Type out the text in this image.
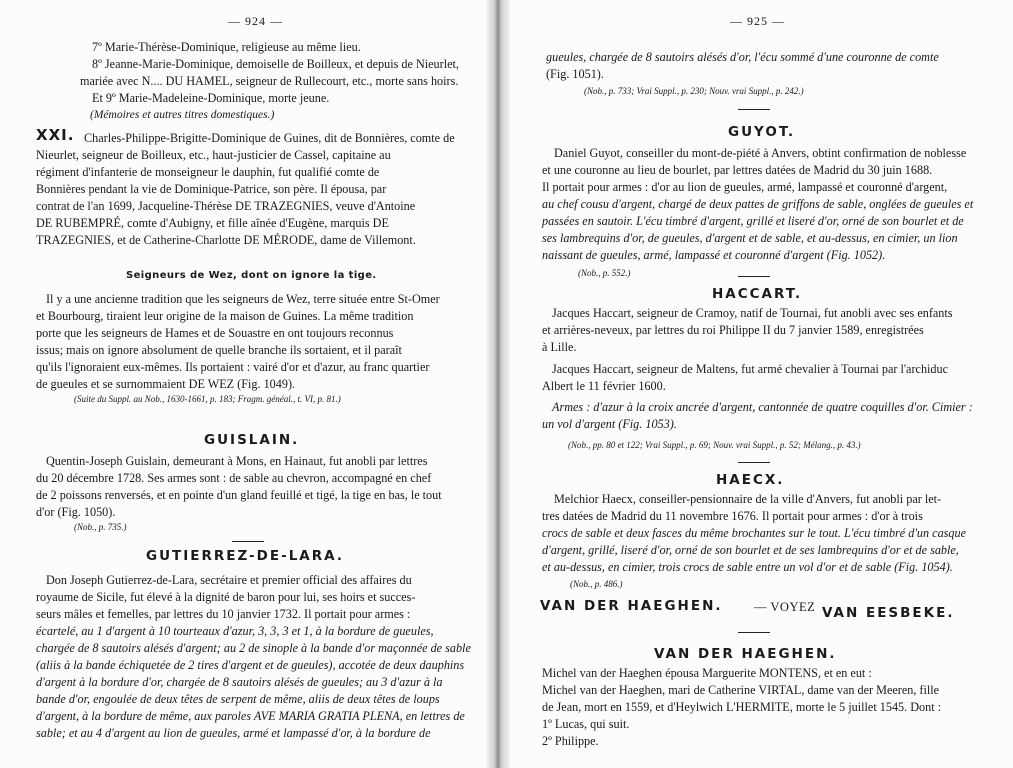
— 924 —
7º Marie-Thérèse-Dominique, religieuse au même lieu.
8º Jeanne-Marie-Dominique, demoiselle de Boilleux, et depuis de Nieurlet,
mariée avec N.... DU HAMEL, seigneur de Rullecourt, etc., morte sans hoirs.
Et 9º Marie-Madeleine-Dominique, morte jeune.
(Mémoires et autres titres domestiques.)
XXI. Charles-Philippe-Brigitte-Dominique de Guines, dit de Bonnières, comte de
Nieurlet, seigneur de Boilleux, etc., haut-justicier de Cassel, capitaine au
régiment d'infanterie de monseigneur le dauphin, fut qualifié comte de
Bonnières pendant la vie de Dominique-Patrice, son père. Il épousa, par
contrat de l'an 1699, Jacqueline-Thérèse DE TRAZEGNIES, veuve d'Antoine
DE RUBEMPRÉ, comte d'Aubigny, et fille aînée d'Eugène, marquis DE
TRAZEGNIES, et de Catherine-Charlotte DE MÉRODE, dame de Villemont.
Seigneurs de Wez, dont on ignore la tige.
Il y a une ancienne tradition que les seigneurs de Wez, terre située entre St-Omer
et Bourbourg, tiraient leur origine de la maison de Guines. La même tradition
porte que les seigneurs de Hames et de Souastre en ont toujours reconnus
issus; mais on ignore absolument de quelle branche ils sortaient, et il paraît
qu'ils l'ignoraient eux-mêmes. Ils portaient : vairé d'or et d'azur, au franc quartier
de gueules et se surnommaient DE WEZ (Fig. 1049).
(Suite du Suppl. au Nob., 1630-1661, p. 183; Fragm. généal., t. VI, p. 81.)
GUISLAIN.
Quentin-Joseph Guislain, demeurant à Mons, en Hainaut, fut anobli par lettres
du 20 décembre 1728. Ses armes sont : de sable au chevron, accompagné en chef
de 2 poissons renversés, et en pointe d'un gland feuillé et tigé, la tige en bas, le tout
d'or (Fig. 1050).
(Nob., p. 735.)
GUTIERREZ-DE-LARA.
Don Joseph Gutierrez-de-Lara, secrétaire et premier official des affaires du
royaume de Sicile, fut élevé à la dignité de baron pour lui, ses hoirs et succes-
seurs mâles et femelles, par lettres du 10 janvier 1732. Il portait pour armes :
écartelé, au 1 d'argent à 10 tourteaux d'azur, 3, 3, 3 et 1, à la bordure de gueules,
chargée de 8 sautoirs alésés d'argent; au 2 de sinople à la bande d'or maçonnée de sable
(aliis à la bande échiquetée de 2 tires d'argent et de gueules), accotée de deux dauphins
d'argent à la bordure d'or, chargée de 8 sautoirs alésés de gueules; au 3 d'azur à la
bande d'or, engoulée de deux têtes de serpent de même, aliis de deux têtes de loups
d'argent, à la bordure de même, aux paroles AVE MARIA GRATIA PLENA, en lettres de
sable; et au 4 d'argent au lion de gueules, armé et lampassé d'or, à la bordure de
— 925 —
gueules, chargée de 8 sautoirs alésés d'or, l'écu sommé d'une couronne de comte
(Fig. 1051).
(Nob., p. 733; Vrai Suppl., p. 230; Nouv. vrai Suppl., p. 242.)
GUYOT.
Daniel Guyot, conseiller du mont-de-piété à Anvers, obtint confirmation de noblesse
et une couronne au lieu de bourlet, par lettres datées de Madrid du 30 juin 1688.
Il portait pour armes : d'or au lion de gueules, armé, lampassé et couronné d'argent,
au chef cousu d'argent, chargé de deux pattes de griffons de sable, onglées de gueules et
passées en sautoir. L'écu timbré d'argent, grillé et liseré d'or, orné de son bourlet et de
ses lambrequins d'or, de gueules, d'argent et de sable, et au-dessus, en cimier, un lion
naissant de gueules, armé, lampassé et couronné d'argent (Fig. 1052).
(Nob., p. 552.)
HACCART.
Jacques Haccart, seigneur de Cramoy, natif de Tournai, fut anobli avec ses enfants
et arrières-neveux, par lettres du roi Philippe II du 7 janvier 1589, enregistrées
à Lille.
Jacques Haccart, seigneur de Maltens, fut armé chevalier à Tournai par l'archiduc
Albert le 11 février 1600.
Armes : d'azur à la croix ancrée d'argent, cantonnée de quatre coquilles d'or. Cimier :
un vol d'argent (Fig. 1053).
(Nob., pp. 80 et 122; Vrai Suppl., p. 69; Nouv. vrai Suppl., p. 52; Mélang., p. 43.)
HAECX.
Melchior Haecx, conseiller-pensionnaire de la ville d'Anvers, fut anobli par let-
tres datées de Madrid du 11 novembre 1676. Il portait pour armes : d'or à trois
crocs de sable et deux fasces du même brochantes sur le tout. L'écu timbré d'un casque
d'argent, grillé, liseré d'or, orné de son bourlet et de ses lambrequins d'or et de sable,
et au-dessus, en cimier, trois crocs de sable entre un vol d'or et de sable (Fig. 1054).
(Nob., p. 486.)
VAN DER HAEGHEN.	— VOYEZ VAN EESBEKE.
VAN DER HAEGHEN.
Michel van der Haeghen épousa Marguerite MONTENS, et en eut :
Michel van der Haeghen, mari de Catherine VIRTAL, dame van der Meeren, fille
de Jean, mort en 1559, et d'Heylwich L'HERMITE, morte le 5 juillet 1545. Dont :
1º Lucas, qui suit.
2º Philippe.
